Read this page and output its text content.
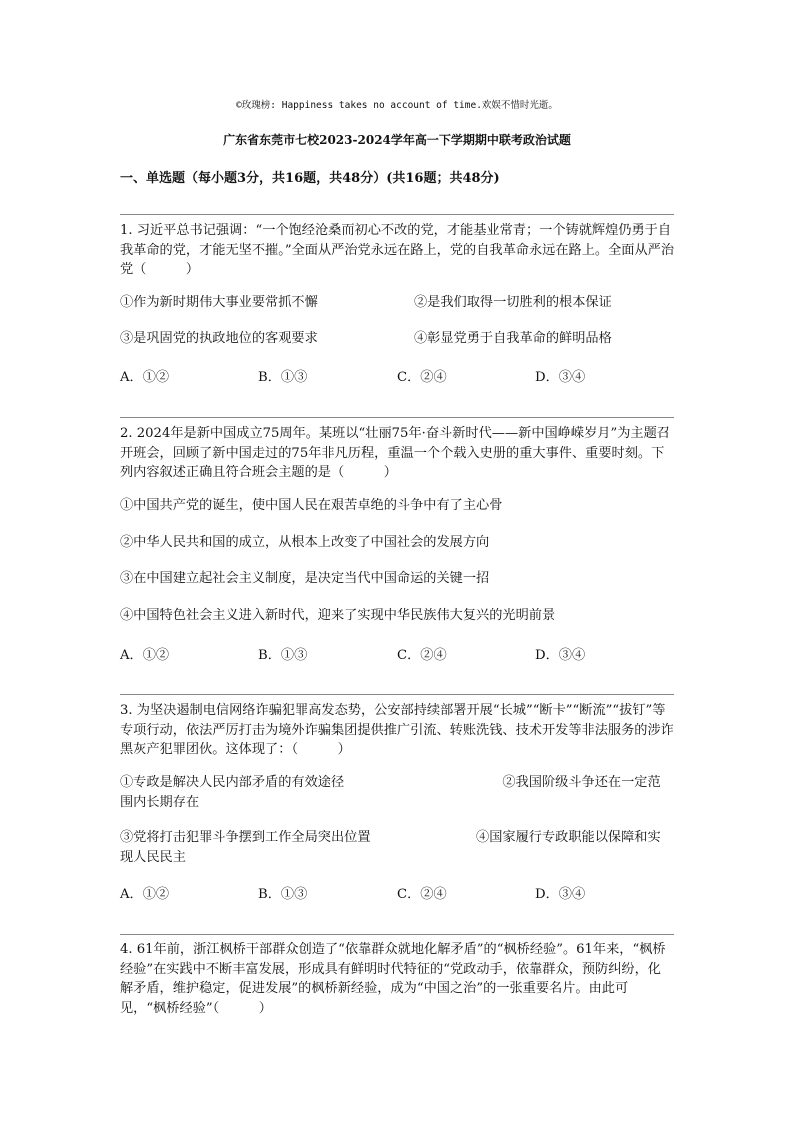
©玫瑰榜: Happiness takes no account of time.欢娱不惜时光逝。
广东省东莞市七校2023-2024学年高一下学期期中联考政治试题
一、单选题（每小题3分，共16题，共48分）(共16题；共48分)
1. 习近平总书记强调：“一个饱经沧桑而初心不改的党，才能基业常青；一个铸就辉煌仍勇于自我革命的党，才能无坚不摧。”全面从严治党永远在路上，党的自我革命永远在路上。全面从严治党（　　　）
①作为新时期伟大事业要常抓不懈	②是我们取得一切胜利的根本保证
③是巩固党的执政地位的客观要求	④彰显党勇于自我革命的鲜明品格
A．①②	B．①③	C．②④	D．③④
2. 2024年是新中国成立75周年。某班以“壮丽75年·奋斗新时代——新中国峥嵘岁月”为主题召开班会，回顾了新中国走过的75年非凡历程，重温一个个载入史册的重大事件、重要时刻。下列内容叙述正确且符合班会主题的是（　　　）
①中国共产党的诞生，使中国人民在艰苦卓绝的斗争中有了主心骨
②中华人民共和国的成立，从根本上改变了中国社会的发展方向
③在中国建立起社会主义制度，是决定当代中国命运的关键一招
④中国特色社会主义进入新时代，迎来了实现中华民族伟大复兴的光明前景
A．①②	B．①③	C．②④	D．③④
3. 为坚决遏制电信网络诈骗犯罪高发态势，公安部持续部署开展“长城”“断卡”“断流”“拔钉”等专项行动，依法严厉打击为境外诈骗集团提供推广引流、转账洗钱、技术开发等非法服务的涉诈黑灰产犯罪团伙。这体现了：（　　　）
①专政是解决人民内部矛盾的有效途径　　　　　　　　　　　　②我国阶级斗争还在一定范围内长期存在
③党将打击犯罪斗争摆到工作全局突出位置　　　　　　　　④国家履行专政职能以保障和实现人民民主
A．①②	B．①③	C．②④	D．③④
4. 61年前，浙江枫桥干部群众创造了“依靠群众就地化解矛盾”的“枫桥经验”。61年来，“枫桥经验”在实践中不断丰富发展，形成具有鲜明时代特征的“党政动手，依靠群众，预防纠纷，化解矛盾，维护稳定，促进发展”的枫桥新经验，成为“中国之治”的一张重要名片。由此可见，“枫桥经验”（　　　）
